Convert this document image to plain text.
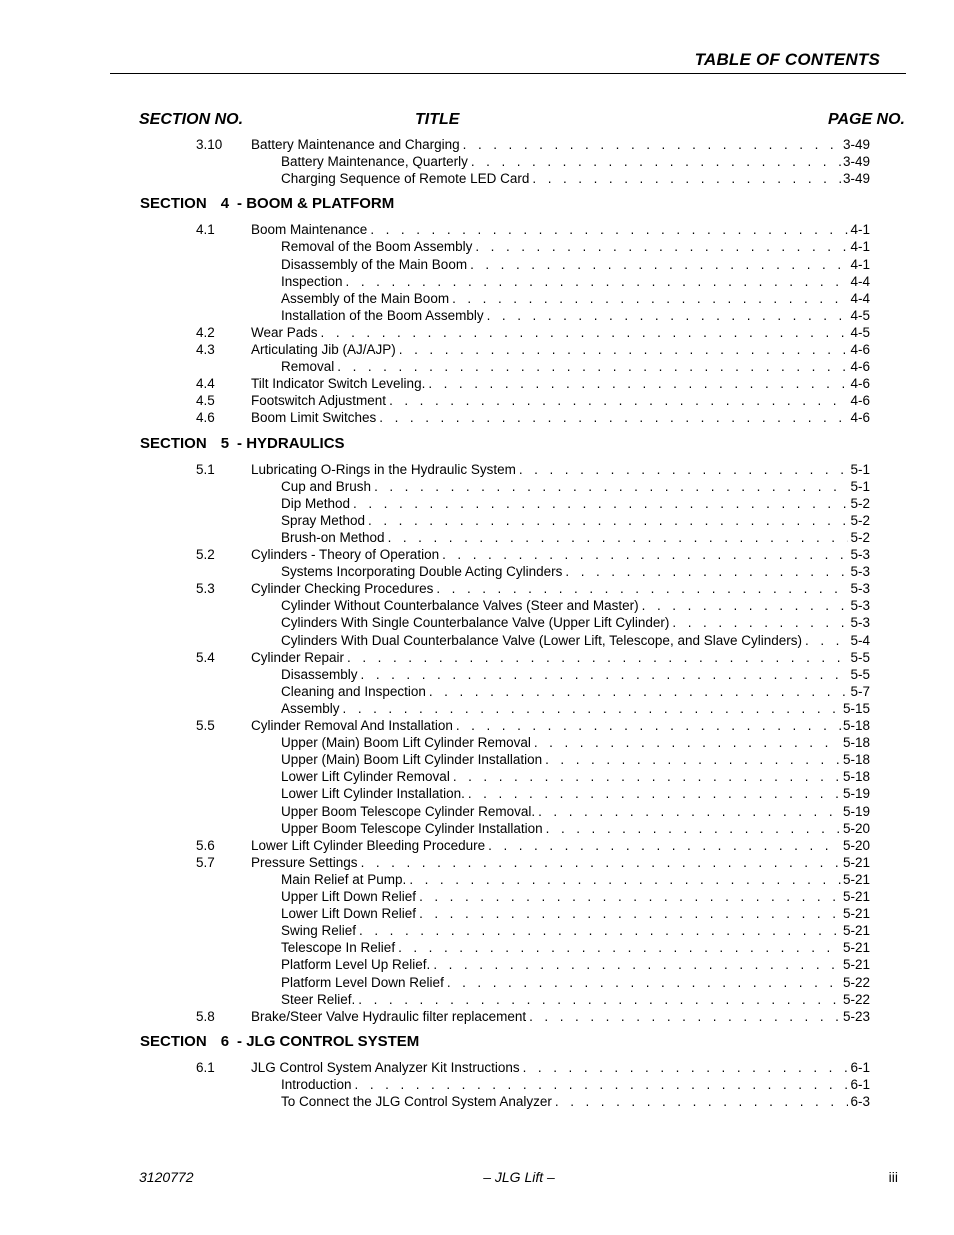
TABLE OF CONTENTS
SECTION NO.	TITLE	PAGE NO.
3.10 Battery Maintenance and Charging . . .	3-49
Battery Maintenance, Quarterly . . .	3-49
Charging Sequence of Remote LED Card . . .	3-49
SECTION 4 - BOOM & PLATFORM
4.1	Boom Maintenance . . .	4-1
Removal of the Boom Assembly . . .	4-1
Disassembly of the Main Boom . . .	4-1
Inspection . . .	4-4
Assembly of the Main Boom . . .	4-4
Installation of the Boom Assembly . . .	4-5
4.2	Wear Pads . . .	4-5
4.3	Articulating Jib (AJ/AJP) . . .	4-6
Removal . . .	4-6
4.4	Tilt Indicator Switch Leveling. . . .	4-6
4.5	Footswitch Adjustment . . .	4-6
4.6	Boom Limit Switches . . .	4-6
SECTION 5 - HYDRAULICS
5.1	Lubricating O-Rings in the Hydraulic System . . .	5-1
Cup and Brush . . .	5-1
Dip Method . . .	5-2
Spray Method . . .	5-2
Brush-on Method . . .	5-2
5.2	Cylinders - Theory of Operation . . .	5-3
Systems Incorporating Double Acting Cylinders . . .	5-3
5.3	Cylinder Checking Procedures . . .	5-3
Cylinder Without Counterbalance Valves (Steer and Master) . . .	5-3
Cylinders With Single Counterbalance Valve (Upper Lift Cylinder) . . .	5-3
Cylinders With Dual Counterbalance Valve (Lower Lift, Telescope, and Slave Cylinders) . . .	5-4
5.4	Cylinder Repair . . .	5-5
Disassembly . . .	5-5
Cleaning and Inspection . . .	5-7
Assembly . . .	5-15
5.5	Cylinder Removal And Installation . . .	5-18
Upper (Main) Boom Lift Cylinder Removal . . .	5-18
Upper (Main) Boom Lift Cylinder Installation . . .	5-18
Lower Lift Cylinder Removal . . .	5-18
Lower Lift Cylinder Installation. . . .	5-19
Upper Boom Telescope Cylinder Removal. . . .	5-19
Upper Boom Telescope Cylinder Installation . . .	5-20
5.6	Lower Lift Cylinder Bleeding Procedure . . .	5-20
5.7	Pressure Settings . . .	5-21
Main Relief at Pump. . . .	5-21
Upper Lift Down Relief . . .	5-21
Lower Lift Down Relief . . .	5-21
Swing Relief . . .	5-21
Telescope In Relief . . .	5-21
Platform Level Up Relief. . . .	5-21
Platform Level Down Relief . . .	5-22
Steer Relief. . . .	5-22
5.8	Brake/Steer Valve Hydraulic filter replacement . . .	5-23
SECTION 6 - JLG CONTROL SYSTEM
6.1	JLG Control System Analyzer Kit Instructions . . .	6-1
Introduction . . .	6-1
To Connect the JLG Control System Analyzer . . .	6-3
3120772	– JLG Lift –	iii
